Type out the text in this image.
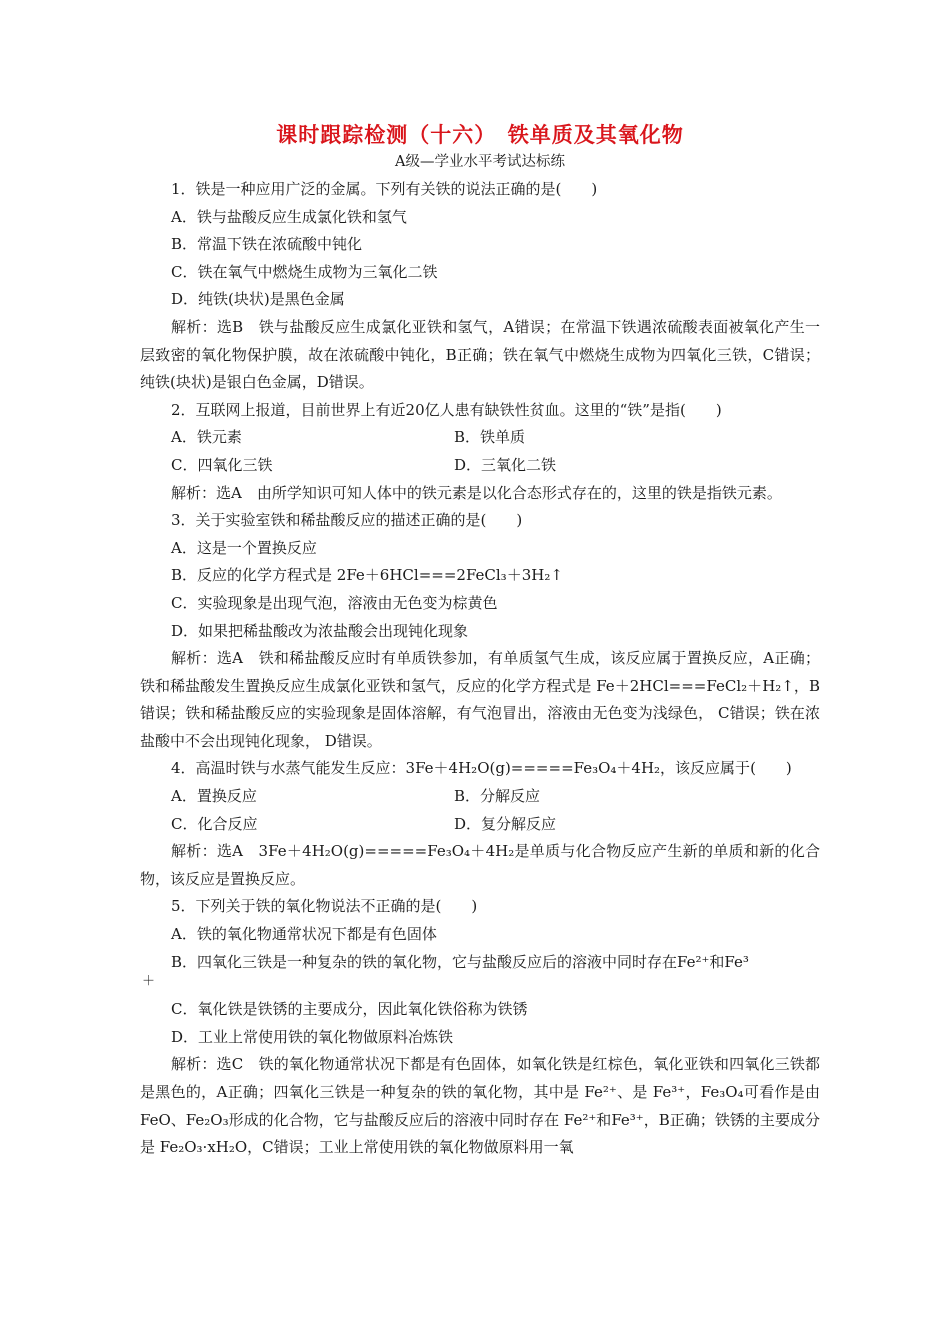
课时跟踪检测（十六）　铁单质及其氧化物
A级—学业水平考试达标练
1．铁是一种应用广泛的金属。下列有关铁的说法正确的是(　　)
A．铁与盐酸反应生成氯化铁和氢气
B．常温下铁在浓硫酸中钝化
C．铁在氧气中燃烧生成物为三氧化二铁
D．纯铁(块状)是黑色金属

解析：选B　铁与盐酸反应生成氯化亚铁和氢气，A错误；在常温下铁遇浓硫酸表面被氧化产生一层致密的氧化物保护膜，故在浓硫酸中钝化，B正确；铁在氧气中燃烧生成物为四氧化三铁，C错误；纯铁(块状)是银白色金属，D错误。

2．互联网上报道，目前世界上有近20亿人患有缺铁性贫血。这里的“铁”是指(　　)
A．铁元素	B．铁单质
C．四氧化三铁	D．三氧化二铁

解析：选A　由所学知识可知人体中的铁元素是以化合态形式存在的，这里的铁是指铁元素。

3．关于实验室铁和稀盐酸反应的描述正确的是(　　)
A．这是一个置换反应
B．反应的化学方程式是 2Fe＋6HCl===2FeCl₃＋3H₂↑
C．实验现象是出现气泡，溶液由无色变为棕黄色
D．如果把稀盐酸改为浓盐酸会出现钝化现象

解析：选A　铁和稀盐酸反应时有单质铁参加，有单质氢气生成，该反应属于置换反应，A正确；铁和稀盐酸发生置换反应生成氯化亚铁和氢气，反应的化学方程式是 Fe＋2HCl===FeCl₂＋H₂↑，B错误；铁和稀盐酸反应的实验现象是固体溶解，有气泡冒出，溶液由无色变为浅绿色， C错误；铁在浓盐酸中不会出现钝化现象， D错误。

4．高温时铁与水蒸气能发生反应：3Fe＋4H₂O(g)=====Fe₃O₄＋4H₂，该反应属于(　　)
A．置换反应	B．分解反应
C．化合反应	D．复分解反应

解析：选A　3Fe＋4H₂O(g)=====Fe₃O₄＋4H₂是单质与化合物反应产生新的单质和新的化合物，该反应是置换反应。

5．下列关于铁的氧化物说法不正确的是(　　)
A．铁的氧化物通常状况下都是有色固体
B．四氧化三铁是一种复杂的铁的氧化物，它与盐酸反应后的溶液中同时存在Fe²⁺和Fe³
＋
C．氧化铁是铁锈的主要成分，因此氧化铁俗称为铁锈
D．工业上常使用铁的氧化物做原料冶炼铁

解析：选C　铁的氧化物通常状况下都是有色固体，如氧化铁是红棕色，氧化亚铁和四氧化三铁都是黑色的，A正确；四氧化三铁是一种复杂的铁的氧化物，其中是 Fe²⁺、是 Fe³⁺，Fe₃O₄可看作是由FeO、Fe₂O₃形成的化合物，它与盐酸反应后的溶液中同时存在 Fe²⁺和Fe³⁺，B正确；铁锈的主要成分是 Fe₂O₃·xH₂O，C错误；工业上常使用铁的氧化物做原料用一氧
